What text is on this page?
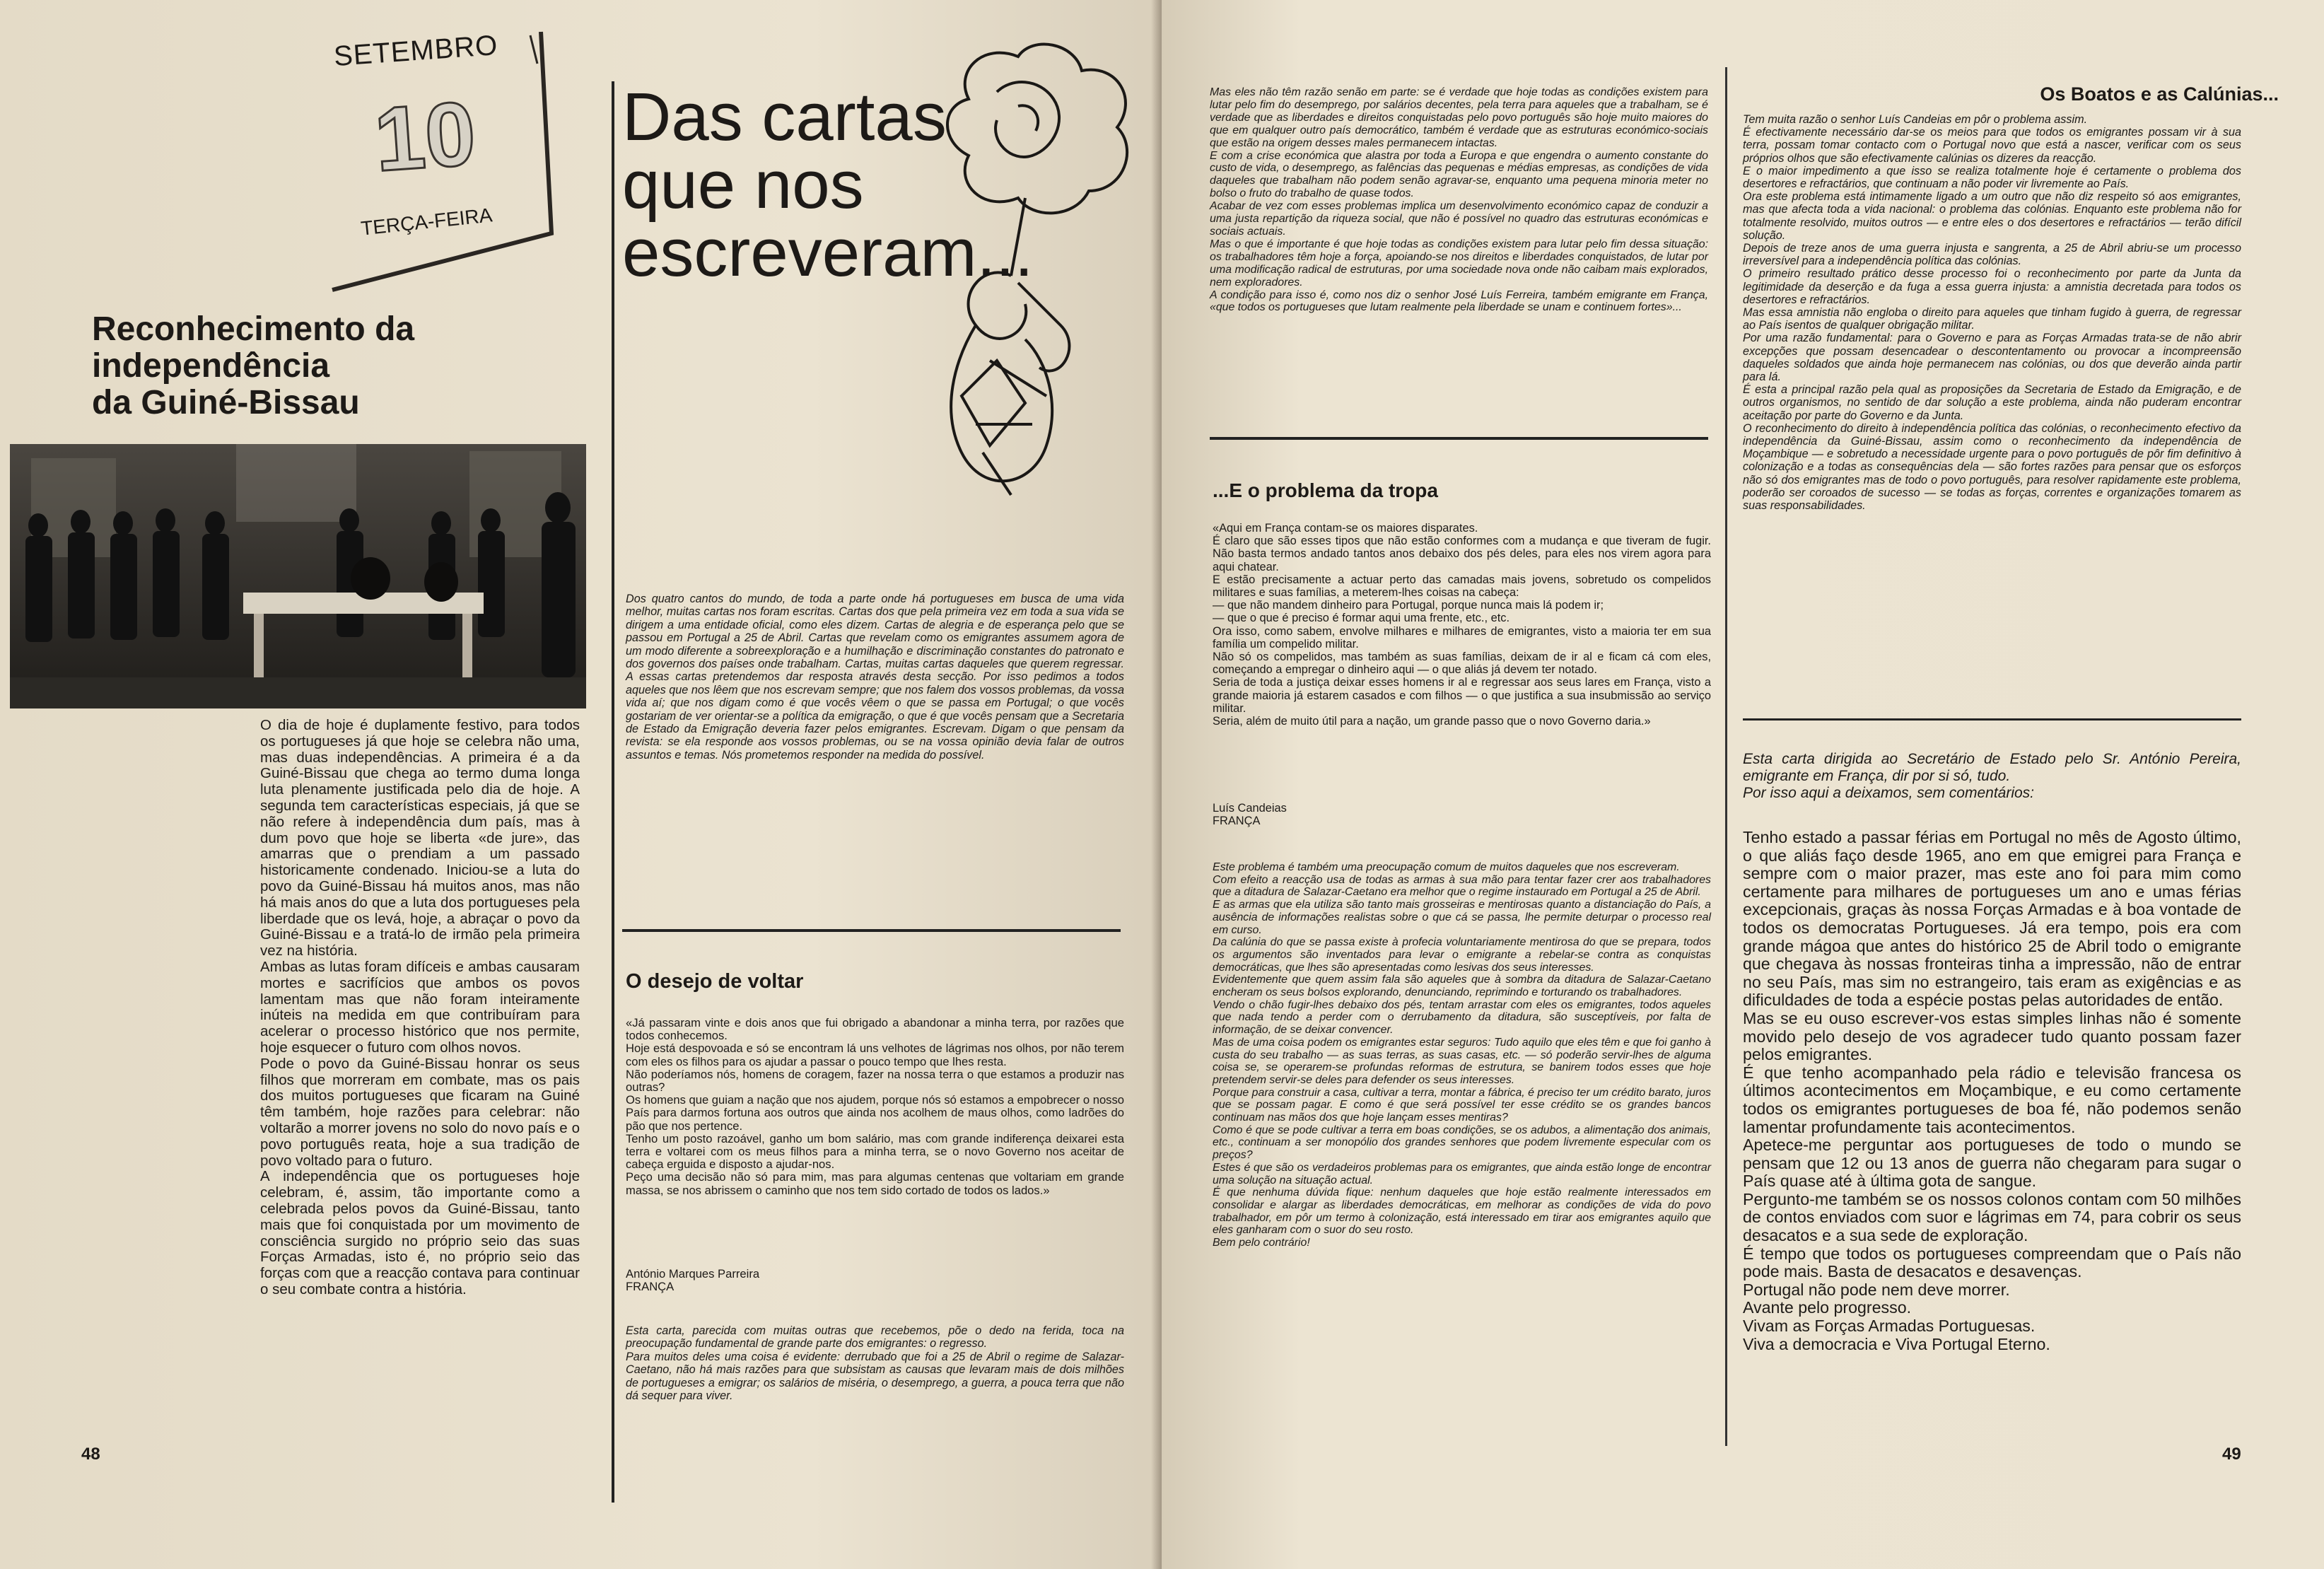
SETEMBRO
10
TERÇA-FEIRA
Reconhecimento da
independência
da Guiné-Bissau
O dia de hoje é duplamente festivo, para todos os portugueses já que hoje se celebra não uma, mas duas independências. A primeira é a da Guiné-Bissau que chega ao termo duma longa luta plenamente justificada pelo dia de hoje. A segunda tem características especiais, já que se não refere à independência dum país, mas à dum povo que hoje se liberta «de jure», das amarras que o prendiam a um passado historicamente condenado. Iniciou-se a luta do povo da Guiné-Bissau há muitos anos, mas não há mais anos do que a luta dos portugueses pela liberdade que os levá, hoje, a abraçar o povo da Guiné-Bissau e a tratá-lo de irmão pela primeira vez na história.
Ambas as lutas foram difíceis e ambas causaram mortes e sacrifícios que ambos os povos lamentam mas que não foram inteiramente inúteis na medida em que contribuíram para acelerar o processo histórico que nos permite, hoje esquecer o futuro com olhos novos.
Pode o povo da Guiné-Bissau honrar os seus filhos que morreram em combate, mas os pais dos muitos portugueses que ficaram na Guiné têm também, hoje razões para celebrar: não voltarão a morrer jovens no solo do novo país e o povo português reata, hoje a sua tradição de povo voltado para o futuro.
A independência que os portugueses hoje celebram, é, assim, tão importante como a celebrada pelos povos da Guiné-Bissau, tanto mais que foi conquistada por um movimento de consciência surgido no próprio seio das suas Forças Armadas, isto é, no próprio seio das forças com que a reacção contava para continuar o seu combate contra a história.
48
Das cartas
que nos
escreveram...
Dos quatro cantos do mundo, de toda a parte onde há portugueses em busca de uma vida melhor, muitas cartas nos foram escritas. Cartas dos que pela primeira vez em toda a sua vida se dirigem a uma entidade oficial, como eles dizem. Cartas de alegria e de esperança pelo que se passou em Portugal a 25 de Abril. Cartas que revelam como os emigrantes assumem agora de um modo diferente a sobreexploração e a humilhação e discriminação constantes do patronato e dos governos dos países onde trabalham. Cartas, muitas cartas daqueles que querem regressar. A essas cartas pretendemos dar resposta através desta secção. Por isso pedimos a todos aqueles que nos lêem que nos escrevam sempre; que nos falem dos vossos problemas, da vossa vida aí; que nos digam como é que vocês vêem o que se passa em Portugal; o que vocês gostariam de ver orientar-se a política da emigração, o que é que vocês pensam que a Secretaria de Estado da Emigração deveria fazer pelos emigrantes. Escrevam. Digam o que pensam da revista: se ela responde aos vossos problemas, ou se na vossa opinião devia falar de outros assuntos e temas. Nós prometemos responder na medida do possível.
O desejo de voltar
«Já passaram vinte e dois anos que fui obrigado a abandonar a minha terra, por razões que todos conhecemos.
Hoje está despovoada e só se encontram lá uns velhotes de lágrimas nos olhos, por não terem com eles os filhos para os ajudar a passar o pouco tempo que lhes resta.
Não poderíamos nós, homens de coragem, fazer na nossa terra o que estamos a produzir nas outras?
Os homens que guiam a nação que nos ajudem, porque nós só estamos a empobrecer o nosso País para darmos fortuna aos outros que ainda nos acolhem de maus olhos, como ladrões do pão que nos pertence.
Tenho um posto razoável, ganho um bom salário, mas com grande indiferença deixarei esta terra e voltarei com os meus filhos para a minha terra, se o novo Governo nos aceitar de cabeça erguida e disposto a ajudar-nos.
Peço uma decisão não só para mim, mas para algumas centenas que voltariam em grande massa, se nos abrissem o caminho que nos tem sido cortado de todos os lados.»
António Marques Parreira
FRANÇA
Esta carta, parecida com muitas outras que recebemos, põe o dedo na ferida, toca na preocupação fundamental de grande parte dos emigrantes: o regresso.
Para muitos deles uma coisa é evidente: derrubado que foi a 25 de Abril o regime de Salazar-Caetano, não há mais razões para que subsistam as causas que levaram mais de dois milhões de portugueses a emigrar; os salários de miséria, o desemprego, a guerra, a pouca terra que não dá sequer para viver.
Mas eles não têm razão senão em parte: se é verdade que hoje todas as condições existem para lutar pelo fim do desemprego, por salários decentes, pela terra para aqueles que a trabalham, se é verdade que as liberdades e direitos conquistadas pelo povo português são hoje muito maiores do que em qualquer outro país democrático, também é verdade que as estruturas económico-sociais que estão na origem desses males permanecem intactas.
E com a crise económica que alastra por toda a Europa e que engendra o aumento constante do custo de vida, o desemprego, as falências das pequenas e médias empresas, as condições de vida daqueles que trabalham não podem senão agravar-se, enquanto uma pequena minoria meter no bolso o fruto do trabalho de quase todos.
Acabar de vez com esses problemas implica um desenvolvimento económico capaz de conduzir a uma justa repartição da riqueza social, que não é possível no quadro das estruturas económicas e sociais actuais.
Mas o que é importante é que hoje todas as condições existem para lutar pelo fim dessa situação: os trabalhadores têm hoje a força, apoiando-se nos direitos e liberdades conquistados, de lutar por uma modificação radical de estruturas, por uma sociedade nova onde não caibam mais explorados, nem exploradores.
A condição para isso é, como nos diz o senhor José Luís Ferreira, também emigrante em França, «que todos os portugueses que lutam realmente pela liberdade se unam e continuem fortes»...
...E o problema da tropa
«Aqui em França contam-se os maiores disparates.
É claro que são esses tipos que não estão conformes com a mudança e que tiveram de fugir. Não basta termos andado tantos anos debaixo dos pés deles, para eles nos virem agora para aqui chatear.
E estão precisamente a actuar perto das camadas mais jovens, sobretudo os compelidos militares e suas famílias, a meterem-lhes coisas na cabeça:
— que não mandem dinheiro para Portugal, porque nunca mais lá podem ir;
— que o que é preciso é formar aqui uma frente, etc., etc.
Ora isso, como sabem, envolve milhares e milhares de emigrantes, visto a maioria ter em sua família um compelido militar.
Não só os compelidos, mas também as suas famílias, deixam de ir al e ficam cá com eles, começando a empregar o dinheiro aqui — o que aliás já devem ter notado.
Seria de toda a justiça deixar esses homens ir al e regressar aos seus lares em França, visto a grande maioria já estarem casados e com filhos — o que justifica a sua insubmissão ao serviço militar.
Seria, além de muito útil para a nação, um grande passo que o novo Governo daria.»
Luís Candeias
FRANÇA
Este problema é também uma preocupação comum de muitos daqueles que nos escreveram.
Com efeito a reacção usa de todas as armas à sua mão para tentar fazer crer aos trabalhadores que a ditadura de Salazar-Caetano era melhor que o regime instaurado em Portugal a 25 de Abril.
E as armas que ela utiliza são tanto mais grosseiras e mentirosas quanto a distanciação do País, a ausência de informações realistas sobre o que cá se passa, lhe permite deturpar o processo real em curso.
Da calúnia do que se passa existe à profecia voluntariamente mentirosa do que se prepara, todos os argumentos são inventados para levar o emigrante a rebelar-se contra as conquistas democráticas, que lhes são apresentadas como lesivas dos seus interesses.
Evidentemente que quem assim fala são aqueles que à sombra da ditadura de Salazar-Caetano encheram os seus bolsos explorando, denunciando, reprimindo e torturando os trabalhadores.
Vendo o chão fugir-lhes debaixo dos pés, tentam arrastar com eles os emigrantes, todos aqueles que nada tendo a perder com o derrubamento da ditadura, são susceptíveis, por falta de informação, de se deixar convencer.
Mas de uma coisa podem os emigrantes estar seguros: Tudo aquilo que eles têm e que foi ganho à custa do seu trabalho — as suas terras, as suas casas, etc. — só poderão servir-lhes de alguma coisa se, se operarem-se profundas reformas de estrutura, se banirem todos esses que hoje pretendem servir-se deles para defender os seus interesses.
Porque para construir a casa, cultivar a terra, montar a fábrica, é preciso ter um crédito barato, juros que se possam pagar. E como é que será possível ter esse crédito se os grandes bancos continuam nas mãos dos que hoje lançam esses mentiras?
Como é que se pode cultivar a terra em boas condições, se os adubos, a alimentação dos animais, etc., continuam a ser monopólio dos grandes senhores que podem livremente especular com os preços?
Estes é que são os verdadeiros problemas para os emigrantes, que ainda estão longe de encontrar uma solução na situação actual.
É que nenhuma dúvida fique: nenhum daqueles que hoje estão realmente interessados em consolidar e alargar as liberdades democráticas, em melhorar as condições de vida do povo trabalhador, em pôr um termo à colonização, está interessado em tirar aos emigrantes aquilo que eles ganharam com o suor do seu rosto.
Bem pelo contrário!
Os Boatos e as Calúnias...
Tem muita razão o senhor Luís Candeias em pôr o problema assim.
É efectivamente necessário dar-se os meios para que todos os emigrantes possam vir à sua terra, possam tomar contacto com o Portugal novo que está a nascer, verificar com os seus próprios olhos que são efectivamente calúnias os dizeres da reacção.
E o maior impedimento a que isso se realiza totalmente hoje é certamente o problema dos desertores e refractários, que continuam a não poder vir livremente ao País.
Ora este problema está intimamente ligado a um outro que não diz respeito só aos emigrantes, mas que afecta toda a vida nacional: o problema das colónias. Enquanto este problema não for totalmente resolvido, muitos outros — e entre eles o dos desertores e refractários — terão difícil solução.
Depois de treze anos de uma guerra injusta e sangrenta, a 25 de Abril abriu-se um processo irreversível para a independência política das colónias.
O primeiro resultado prático desse processo foi o reconhecimento por parte da Junta da legitimidade da deserção e da fuga a essa guerra injusta: a amnistia decretada para todos os desertores e refractários.
Mas essa amnistia não engloba o direito para aqueles que tinham fugido à guerra, de regressar ao País isentos de qualquer obrigação militar.
Por uma razão fundamental: para o Governo e para as Forças Armadas trata-se de não abrir excepções que possam desencadear o descontentamento ou provocar a incompreensão daqueles soldados que ainda hoje permanecem nas colónias, ou dos que deverão ainda partir para lá.
É esta a principal razão pela qual as proposições da Secretaria de Estado da Emigração, e de outros organismos, no sentido de dar solução a este problema, ainda não puderam encontrar aceitação por parte do Governo e da Junta.
O reconhecimento do direito à independência política das colónias, o reconhecimento efectivo da independência da Guiné-Bissau, assim como o reconhecimento da independência de Moçambique — e sobretudo a necessidade urgente para o povo português de pôr fim definitivo à colonização e a todas as consequências dela — são fortes razões para pensar que os esforços não só dos emigrantes mas de todo o povo português, para resolver rapidamente este problema, poderão ser coroados de sucesso — se todas as forças, correntes e organizações tomarem as suas responsabilidades.
Esta carta dirigida ao Secretário de Estado pelo Sr. António Pereira, emigrante em França, dir por si só, tudo.
Por isso aqui a deixamos, sem comentários:
Tenho estado a passar férias em Portugal no mês de Agosto último, o que aliás faço desde 1965, ano em que emigrei para França e sempre com o maior prazer, mas este ano foi para mim como certamente para milhares de portugueses um ano e umas férias excepcionais, graças às nossa Forças Armadas e à boa vontade de todos os democratas Portugueses. Já era tempo, pois era com grande mágoa que antes do histórico 25 de Abril todo o emigrante que chegava às nossas fronteiras tinha a impressão, não de entrar no seu País, mas sim no estrangeiro, tais eram as exigências e as dificuldades de toda a espécie postas pelas autoridades de então.
Mas se eu ouso escrever-vos estas simples linhas não é somente movido pelo desejo de vos agradecer tudo quanto possam fazer pelos emigrantes.
É que tenho acompanhado pela rádio e televisão francesa os últimos acontecimentos em Moçambique, e eu como certamente todos os emigrantes portugueses de boa fé, não podemos senão lamentar profundamente tais acontecimentos.
Apetece-me perguntar aos portugueses de todo o mundo se pensam que 12 ou 13 anos de guerra não chegaram para sugar o País quase até à última gota de sangue.
Pergunto-me também se os nossos colonos contam com 50 milhões de contos enviados com suor e lágrimas em 74, para cobrir os seus desacatos e a sua sede de exploração.
É tempo que todos os portugueses compreendam que o País não pode mais. Basta de desacatos e desavenças.
Portugal não pode nem deve morrer.
Avante pelo progresso.
Vivam as Forças Armadas Portuguesas.
Viva a democracia e Viva Portugal Eterno.
49
